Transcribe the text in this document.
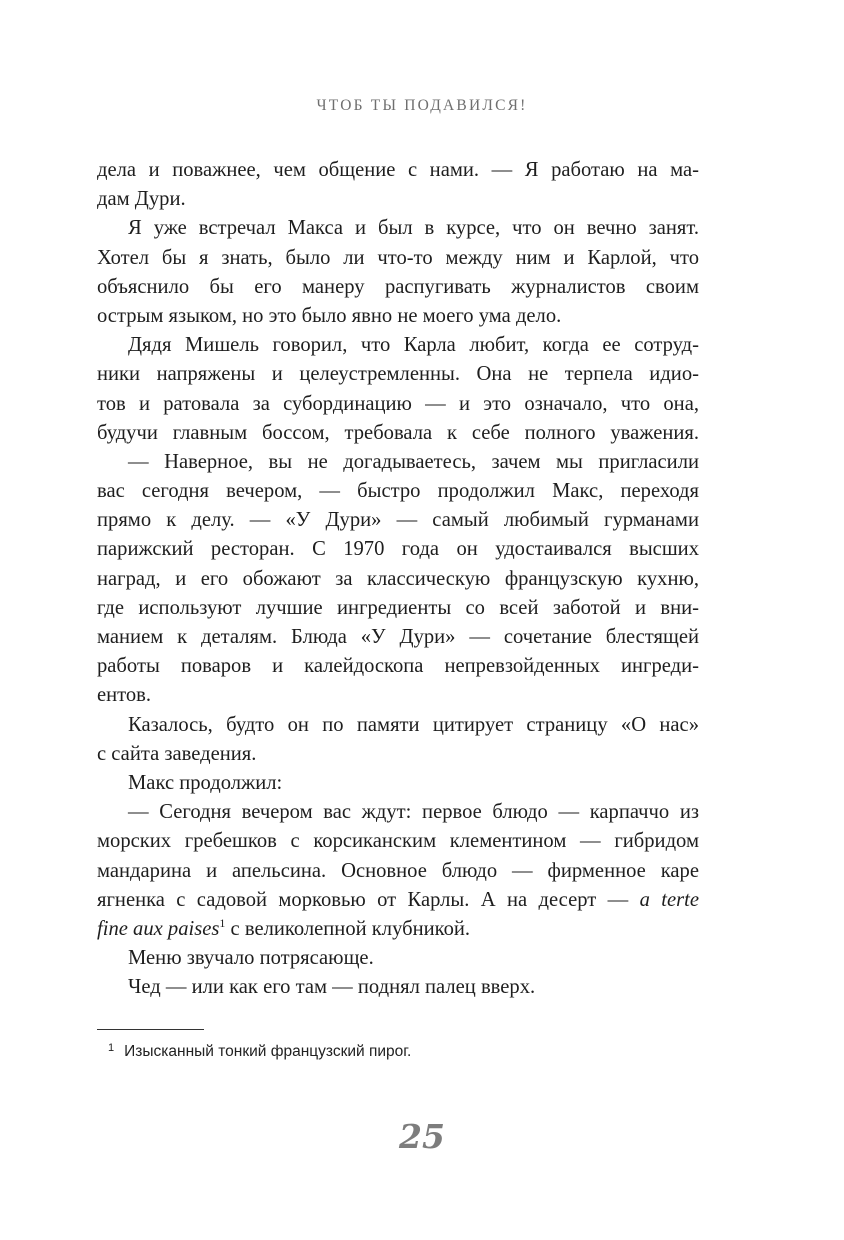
ЧТОБ ТЫ ПОДАВИЛСЯ!
дела и поважнее, чем общение с нами. — Я работаю на ма-
дам Дури.
Я уже встречал Макса и был в курсе, что он вечно занят.
Хотел бы я знать, было ли что-то между ним и Карлой, что
объяснило бы его манеру распугивать журналистов своим
острым языком, но это было явно не моего ума дело.
Дядя Мишель говорил, что Карла любит, когда ее сотруд-
ники напряжены и целеустремленны. Она не терпела идио-
тов и ратовала за субординацию — и это означало, что она,
будучи главным боссом, требовала к себе полного уважения.
— Наверное, вы не догадываетесь, зачем мы пригласили
вас сегодня вечером, — быстро продолжил Макс, переходя
прямо к делу. — «У Дури» — самый любимый гурманами
парижский ресторан. С 1970 года он удостаивался высших
наград, и его обожают за классическую французскую кухню,
где используют лучшие ингредиенты со всей заботой и вни-
манием к деталям. Блюда «У Дури» — сочетание блестящей
работы поваров и калейдоскопа непревзойденных ингреди-
ентов.
Казалось, будто он по памяти цитирует страницу «О нас»
с сайта заведения.
Макс продолжил:
— Сегодня вечером вас ждут: первое блюдо — карпаччо из
морских гребешков с корсиканским клементином — гибридом
мандарина и апельсина. Основное блюдо — фирменное каре
ягненка с садовой морковью от Карлы. А на десерт — a terte
fine aux paises$^1$ с великолепной клубникой.
Меню звучало потрясающе.
Чед — или как его там — поднял палец вверх.
$^1$ Изысканный тонкий французский пирог.
25
